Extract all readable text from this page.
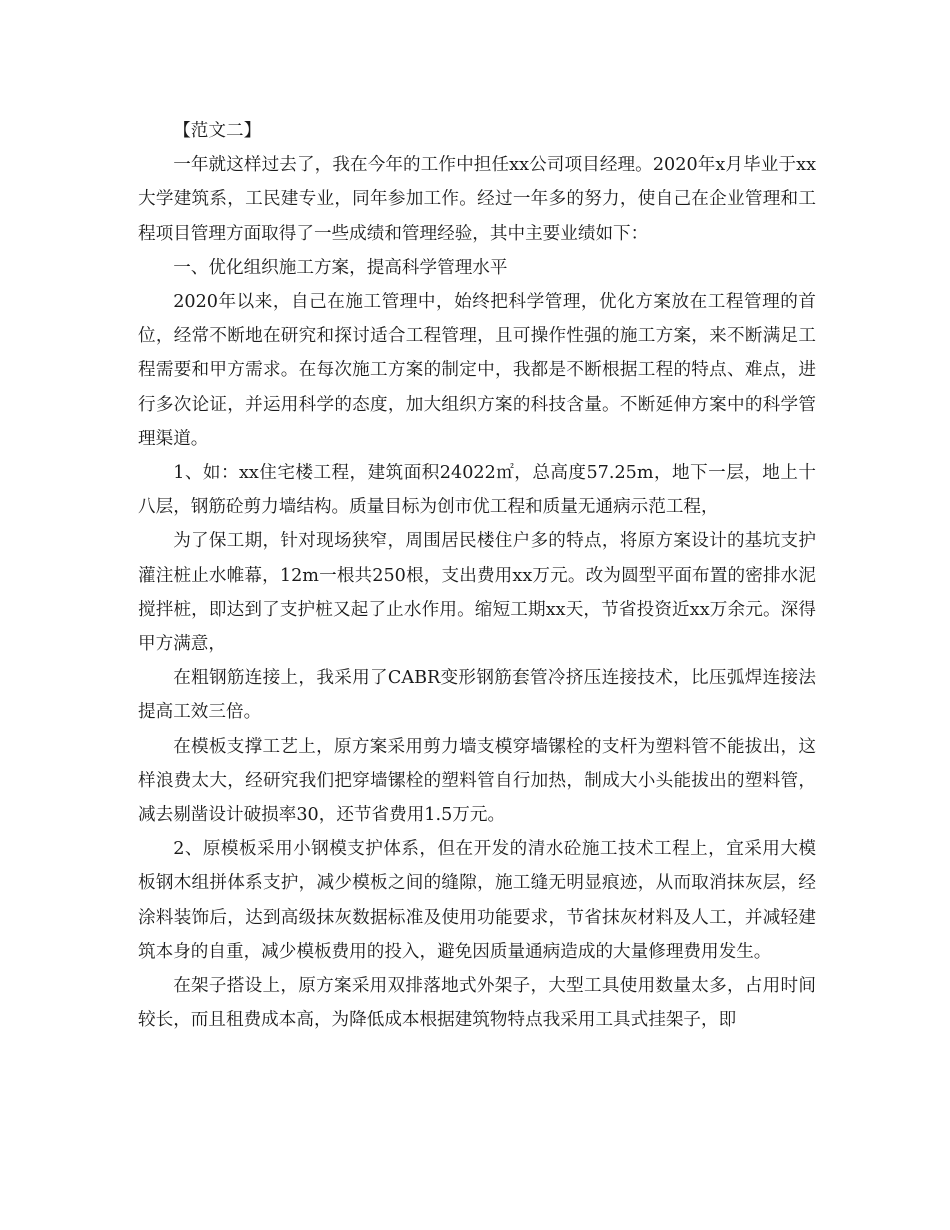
【范文二】

一年就这样过去了，我在今年的工作中担任xx公司项目经理。2020年x月毕业于xx大学建筑系，工民建专业，同年参加工作。经过一年多的努力，使自己在企业管理和工程项目管理方面取得了一些成绩和管理经验，其中主要业绩如下：

一、优化组织施工方案，提高科学管理水平

2020年以来，自己在施工管理中，始终把科学管理，优化方案放在工程管理的首位，经常不断地在研究和探讨适合工程管理，且可操作性强的施工方案，来不断满足工程需要和甲方需求。在每次施工方案的制定中，我都是不断根据工程的特点、难点，进行多次论证，并运用科学的态度，加大组织方案的科技含量。不断延伸方案中的科学管理渠道。

1、如：xx住宅楼工程，建筑面积24022㎡，总高度57.25m，地下一层，地上十八层，钢筋砼剪力墙结构。质量目标为创市优工程和质量无通病示范工程，

为了保工期，针对现场狭窄，周围居民楼住户多的特点，将原方案设计的基坑支护灌注桩止水帷幕，12m一根共250根，支出费用xx万元。改为圆型平面布置的密排水泥搅拌桩，即达到了支护桩又起了止水作用。缩短工期xx天，节省投资近xx万余元。深得甲方满意，

在粗钢筋连接上，我采用了CABR变形钢筋套管冷挤压连接技术，比压弧焊连接法提高工效三倍。

在模板支撑工艺上，原方案采用剪力墙支模穿墙镙栓的支杆为塑料管不能拔出，这样浪费太大，经研究我们把穿墙镙栓的塑料管自行加热，制成大小头能拔出的塑料管，减去剔凿设计破损率30，还节省费用1.5万元。

2、原模板采用小钢模支护体系，但在开发的清水砼施工技术工程上，宜采用大模板钢木组拼体系支护，减少模板之间的缝隙，施工缝无明显痕迹，从而取消抹灰层，经涂料装饰后，达到高级抹灰数据标准及使用功能要求，节省抹灰材料及人工，并减轻建筑本身的自重，减少模板费用的投入，避免因质量通病造成的大量修理费用发生。

在架子搭设上，原方案采用双排落地式外架子，大型工具使用数量太多，占用时间较长，而且租费成本高，为降低成本根据建筑物特点我采用工具式挂架子，即
